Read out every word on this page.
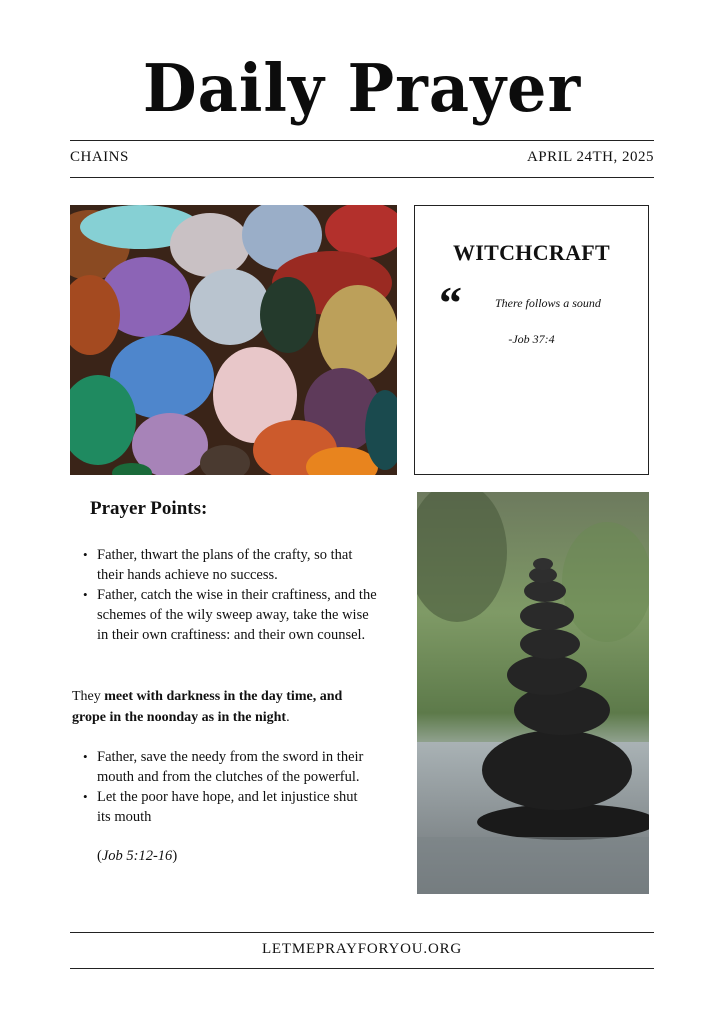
Daily Prayer
CHAINS	APRIL 24TH, 2025
WITCHCRAFT
“	There follows a sound
-Job 37:4
Prayer Points:
• Father, thwart the plans of the crafty, so that their hands achieve no success.
• Father, catch the wise in their craftiness, and the schemes of the wily sweep away, take the wise in their own craftiness: and their own counsel.
They meet with darkness in the day time, and grope in the noonday as in the night.
• Father, save the needy from the sword in their mouth and from the clutches of the powerful.
• Let the poor have hope, and let injustice shut its mouth
(Job 5:12-16)
LETMEPRAYFORYOU.ORG
